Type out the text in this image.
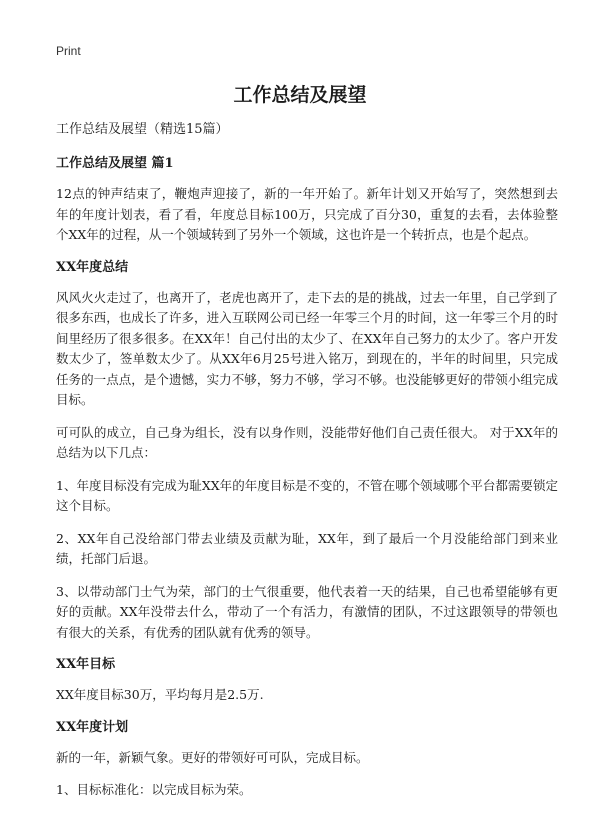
Print
工作总结及展望

工作总结及展望（精选15篇）

工作总结及展望 篇1

12点的钟声结束了，鞭炮声迎接了，新的一年开始了。新年计划又开始写了，突然想到去年的年度计划表，看了看，年度总目标100万，只完成了百分30，重复的去看，去体验整个XX年的过程，从一个领域转到了另外一个领域，这也许是一个转折点，也是个起点。

XX年度总结

风风火火走过了，也离开了，老虎也离开了，走下去的是的挑战，过去一年里，自己学到了很多东西，也成长了许多，进入互联网公司已经一年零三个月的时间，这一年零三个月的时间里经历了很多很多。在XX年！自己付出的太少了、在XX年自己努力的太少了。客户开发数太少了，签单数太少了。从XX年6月25号进入铭万，到现在的，半年的时间里，只完成任务的一点点，是个遗憾，实力不够，努力不够，学习不够。也没能够更好的带领小组完成目标。

可可队的成立，自己身为组长，没有以身作则，没能带好他们自己责任很大。 对于XX年的总结为以下几点：

1、年度目标没有完成为耻XX年的年度目标是不变的，不管在哪个领域哪个平台都需要锁定这个目标。

2、XX年自己没给部门带去业绩及贡献为耻，XX年，到了最后一个月没能给部门到来业绩，托部门后退。

3、以带动部门士气为荣，部门的士气很重要，他代表着一天的结果，自己也希望能够有更好的贡献。XX年没带去什么，带动了一个有活力，有激情的团队，不过这跟领导的带领也有很大的关系，有优秀的团队就有优秀的领导。

XX年目标

XX年度目标30万，平均每月是2.5万.

XX年度计划

新的一年，新颖气象。更好的带领好可可队，完成目标。

1、目标标准化：以完成目标为荣。
